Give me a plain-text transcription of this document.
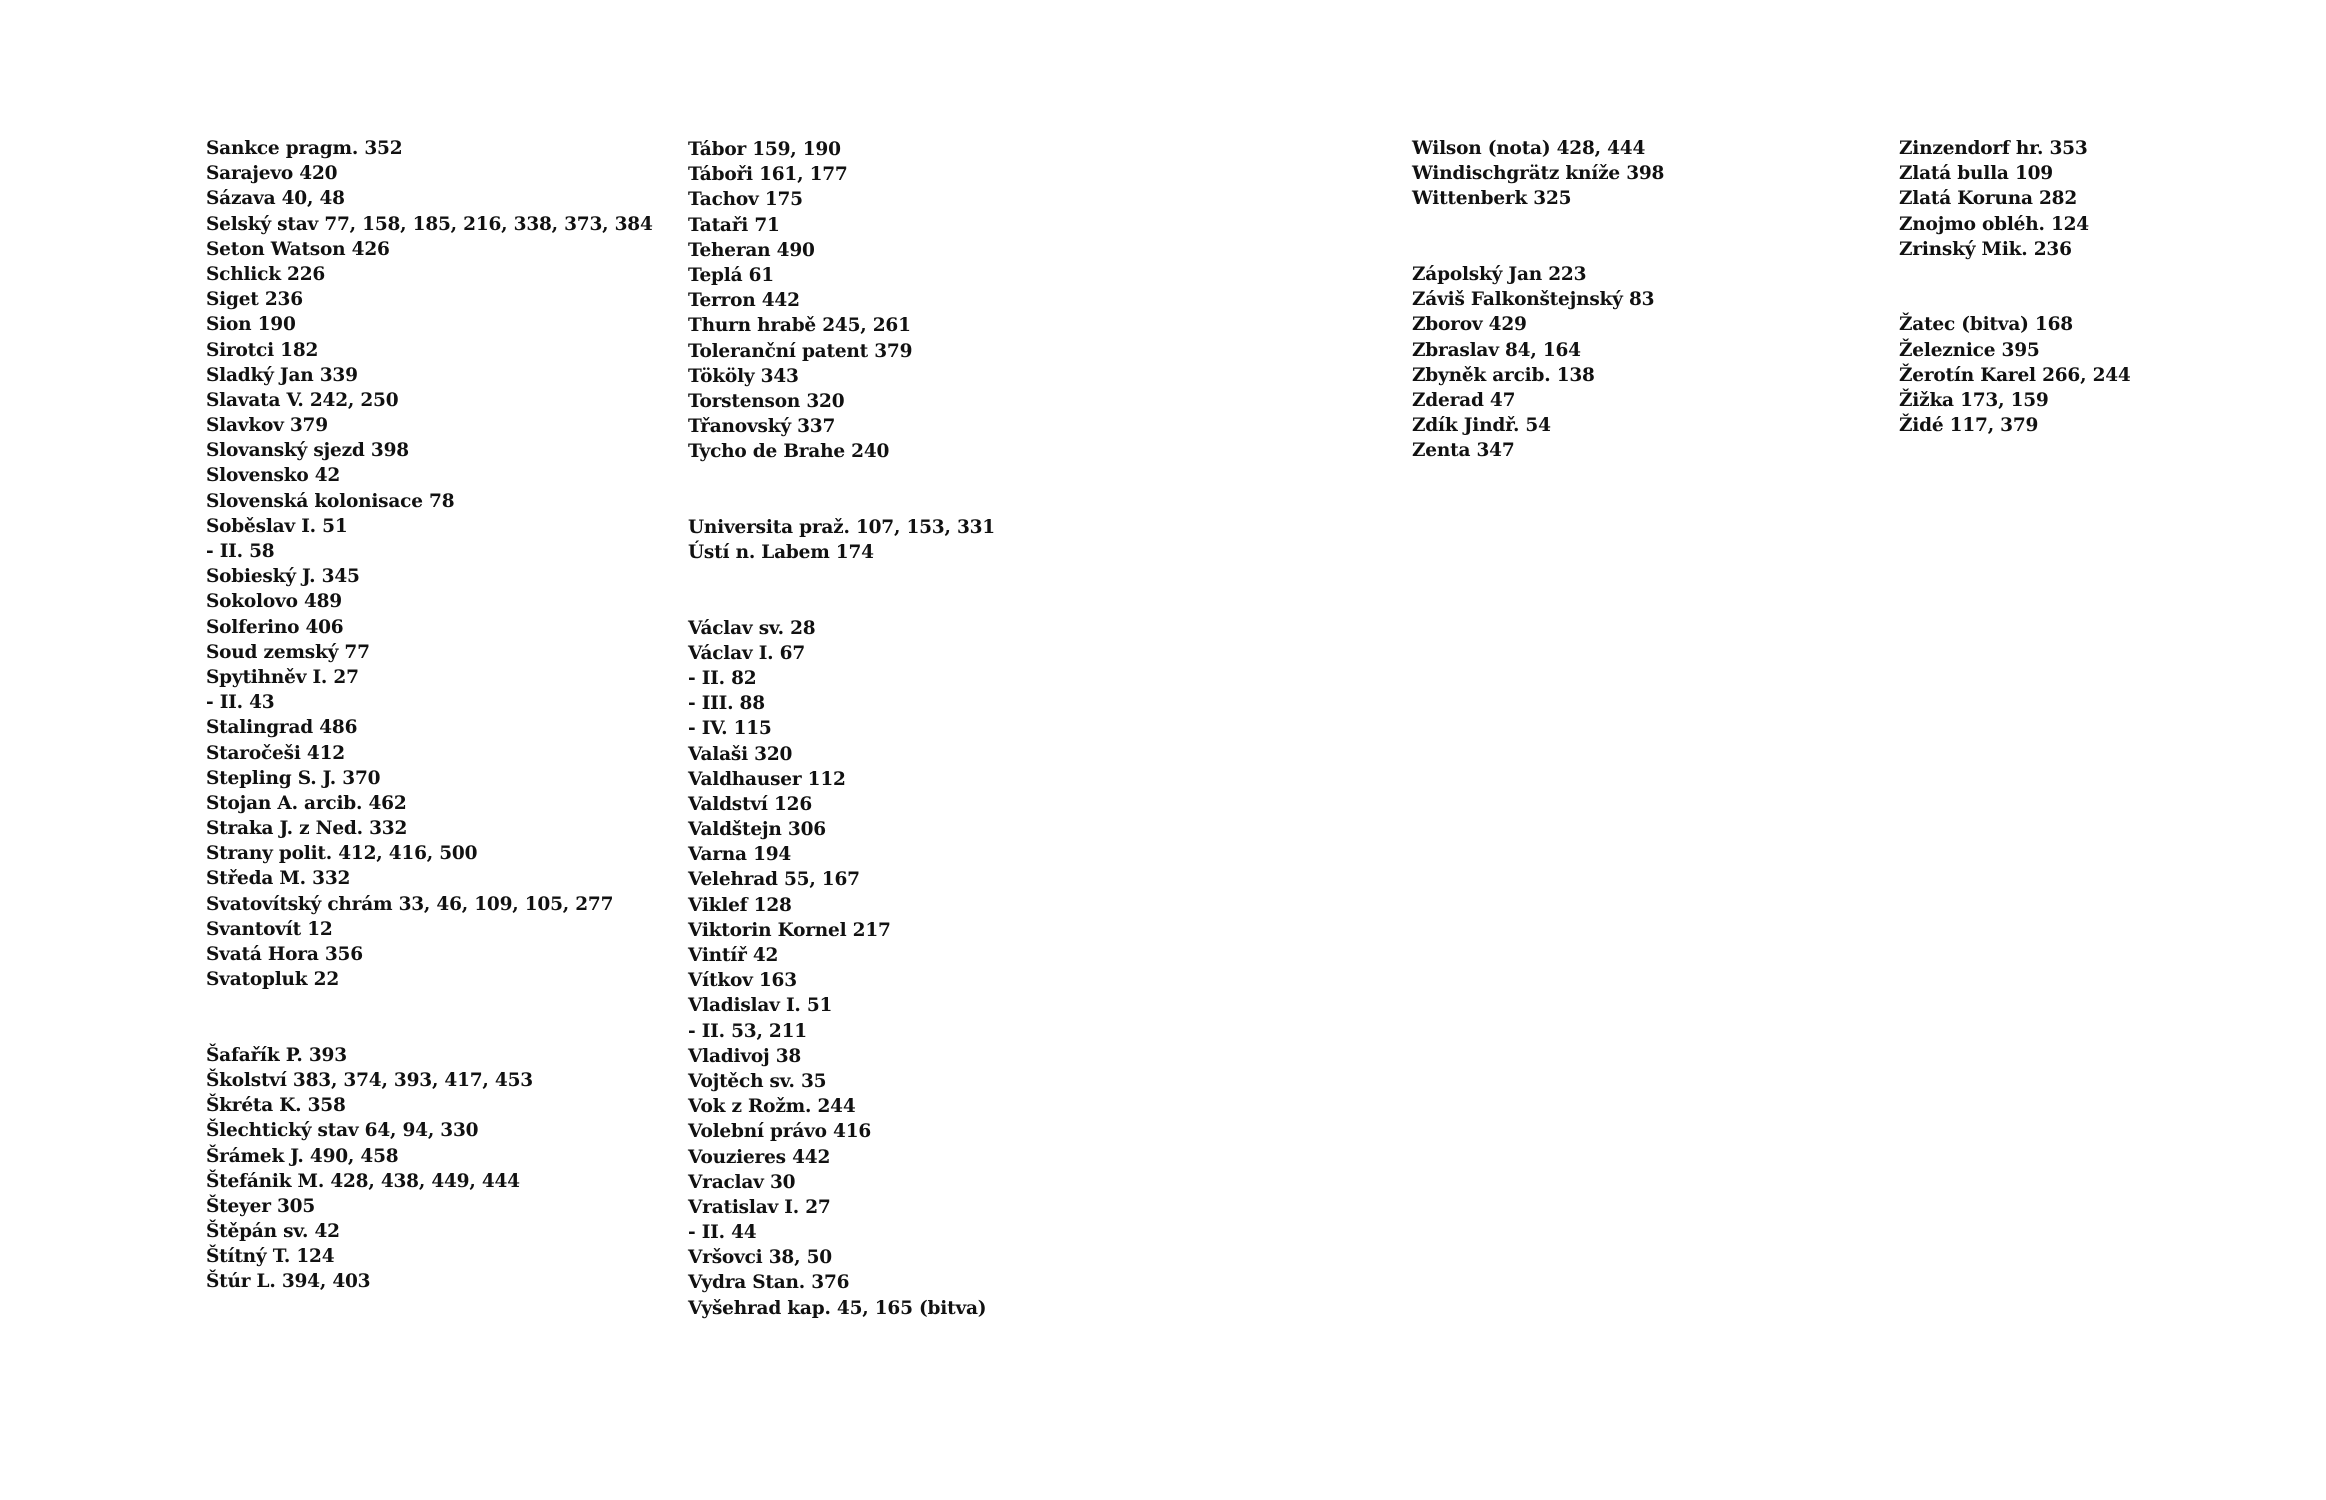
Sankce pragm. 352
Sarajevo 420
Sázava 40, 48
Selský stav 77, 158, 185, 216, 338, 373, 384
Seton Watson 426
Schlick 226
Siget 236
Sion 190
Sirotci 182
Sladký Jan 339
Slavata V. 242, 250
Slavkov 379
Slovanský sjezd 398
Slovensko 42
Slovenská kolonisace 78
Soběslav I. 51
- II. 58
Sobieský J. 345
Sokolovo 489
Solferino 406
Soud zemský 77
Spytihněv I. 27
- II. 43
Stalingrad 486
Staročeši 412
Stepling S. J. 370
Stojan A. arcib. 462
Straka J. z Ned. 332
Strany polit. 412, 416, 500
Středa M. 332
Svatovítský chrám 33, 46, 109, 105, 277
Svantovít 12
Svatá Hora 356
Svatopluk 22
Šafařík P. 393
Školství 383, 374, 393, 417, 453
Škréta K. 358
Šlechtický stav 64, 94, 330
Šrámek J. 490, 458
Štefánik M. 428, 438, 449, 444
Šteyer 305
Štěpán sv. 42
Štítný T. 124
Štúr L. 394, 403
Tábor 159, 190
Táboři 161, 177
Tachov 175
Tataři 71
Teheran 490
Teplá 61
Terron 442
Thurn hrabě 245, 261
Toleranční patent 379
Tököly 343
Torstenson 320
Třanovský 337
Tycho de Brahe 240
Universita praž. 107, 153, 331
Ústí n. Labem 174
Václav sv. 28
Václav I. 67
- II. 82
- III. 88
- IV. 115
Valaši 320
Valdhauser 112
Valdství 126
Valdštejn 306
Varna 194
Velehrad 55, 167
Viklef 128
Viktorin Kornel 217
Vintíř 42
Vítkov 163
Vladislav I. 51
- II. 53, 211
Vladivoj 38
Vojtěch sv. 35
Vok z Rožm. 244
Volební právo 416
Vouzieres 442
Vraclav 30
Vratislav I. 27
- II. 44
Vršovci 38, 50
Vydra Stan. 376
Vyšehrad kap. 45, 165 (bitva)
Wilson (nota) 428, 444
Windischgrätz kníže 398
Wittenberk 325
Zápolský Jan 223
Záviš Falkonštejnský 83
Zborov 429
Zbraslav 84, 164
Zbyněk arcib. 138
Zderad 47
Zdík Jindř. 54
Zenta 347
Zinzendorf hr. 353
Zlatá bulla 109
Zlatá Koruna 282
Znojmo obléh. 124
Zrinský Mik. 236
Žatec (bitva) 168
Železnice 395
Žerotín Karel 266, 244
Žižka 173, 159
Židé 117, 379
